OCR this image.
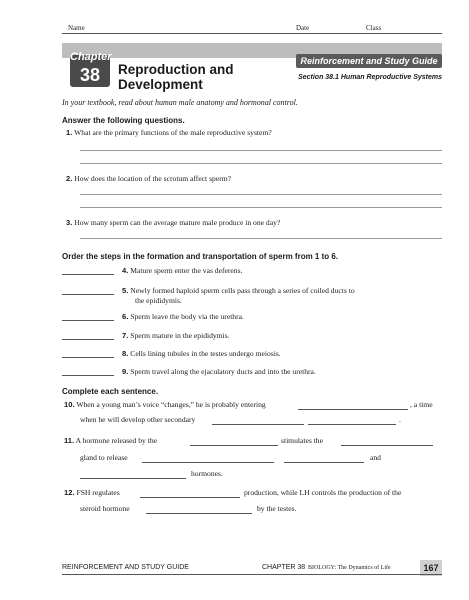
Name	Date	Class
Chapter
38	Reproduction and
Development
Reinforcement and Study Guide
Section 38.1 Human Reproductive Systems
In your textbook, read about human male anatomy and hormonal control.
Answer the following questions.
1. What are the primary functions of the male reproductive system?
2. How does the location of the scrotum affect sperm?
3. How many sperm can the average mature male produce in one day?
Order the steps in the formation and transportation of sperm from 1 to 6.
4. Mature sperm enter the vas deferens.
5. Newly formed haploid sperm cells pass through a series of coiled ducts to
the epididymis.
6. Sperm leave the body via the urethra.
7. Sperm mature in the epididymis.
8. Cells lining tubules in the testes undergo meiosis.
9. Sperm travel along the ejaculatory ducts and into the urethra.
Complete each sentence.
10. When a young man’s voice “changes,” he is probably entering	, a time
when he will develop other secondary	.
11. A hormone released by the	stimulates the
gland to release	and
hormones.
12. FSH regulates	production, while LH controls the production of the
steroid hormone	by the testes.
REINFORCEMENT AND STUDY GUIDE	CHAPTER 38 BIOLOGY: The Dynamics of Life	167
